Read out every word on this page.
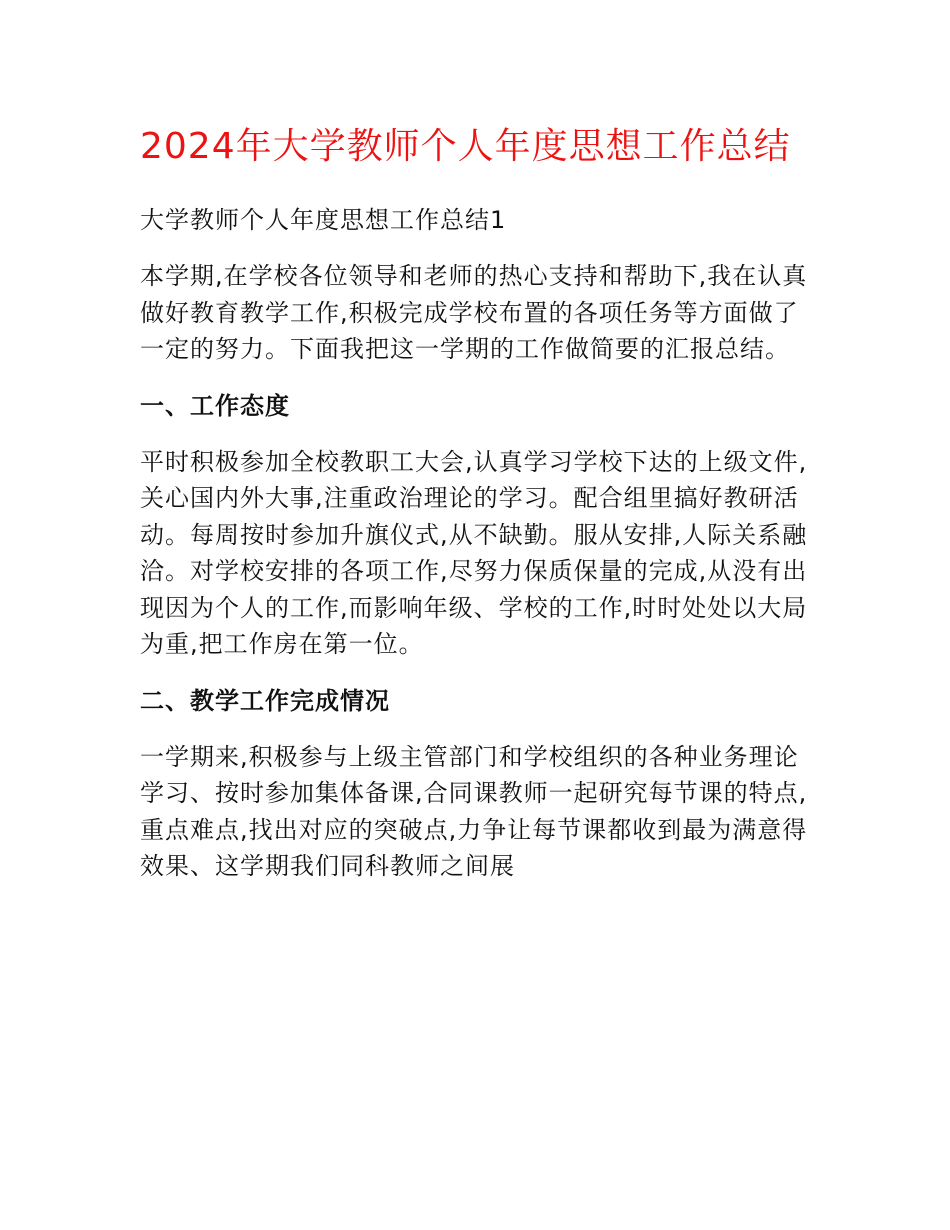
2024年大学教师个人年度思想工作总结

大学教师个人年度思想工作总结1

本学期,在学校各位领导和老师的热心支持和帮助下,我在认真做好教育教学工作,积极完成学校布置的各项任务等方面做了一定的努力。下面我把这一学期的工作做简要的汇报总结。

一、工作态度

平时积极参加全校教职工大会,认真学习学校下达的上级文件,关心国内外大事,注重政治理论的学习。配合组里搞好教研活动。每周按时参加升旗仪式,从不缺勤。服从安排,人际关系融洽。对学校安排的各项工作,尽努力保质保量的完成,从没有出现因为个人的工作,而影响年级、学校的工作,时时处处以大局为重,把工作房在第一位。

二、教学工作完成情况

一学期来,积极参与上级主管部门和学校组织的各种业务理论学习、按时参加集体备课,合同课教师一起研究每节课的特点,重点难点,找出对应的突破点,力争让每节课都收到最为满意得效果、这学期我们同科教师之间展
